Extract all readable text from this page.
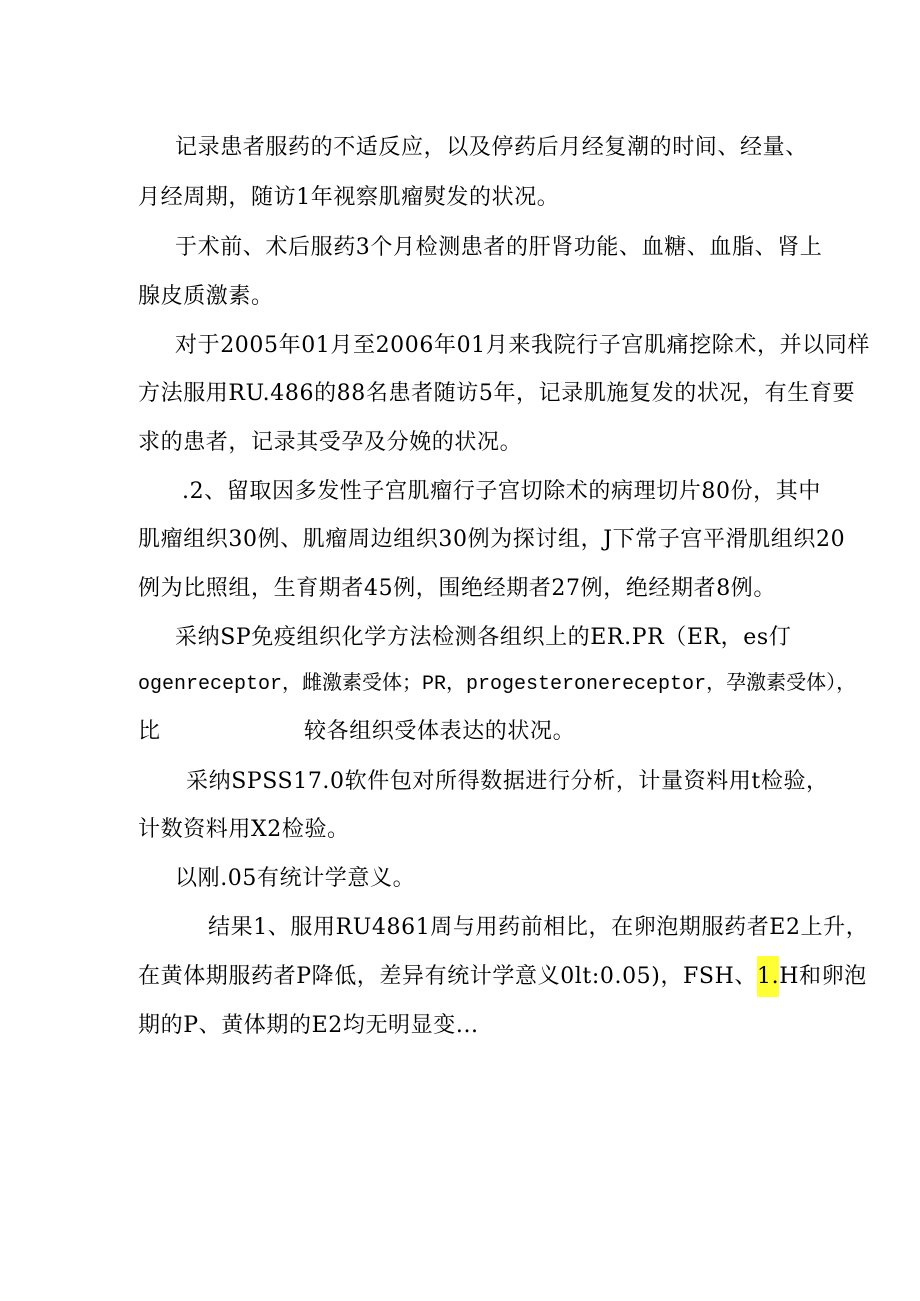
记录患者服药的不适反应，以及停药后月经复潮的时间、经量、
月经周期，随访1年视察肌瘤熨发的状况。
于术前、术后服药3个月检测患者的肝肾功能、血糖、血脂、肾上
腺皮质激素。
对于2005年01月至2006年01月来我院行子宫肌痛挖除术，并以同样
方法服用RU.486的88名患者随访5年，记录肌施复发的状况，有生育要
求的患者，记录其受孕及分娩的状况。
.2、留取因多发性子宫肌瘤行子宫切除术的病理切片80份，其中
肌瘤组织30例、肌瘤周边组织30例为探讨组，J下常子宫平滑肌组织20
例为比照组，生育期者45例，围绝经期者27例，绝经期者8例。
采纳SP免疫组织化学方法检测各组织上的ER.PR（ER，es仃
ogenreceptor，雌激素受体；PR，progesteronereceptor，孕激素受体），
比	较各组织受体表达的状况。
采纳SPSS17.0软件包对所得数据进行分析，计量资料用t检验，
计数资料用X2检验。
以刚.05有统计学意义。
结果1、服用RU4861周与用药前相比，在卵泡期服药者E2上升，
在黄体期服药者P降低，差异有统计学意义0lt:0.05)，FSH、1.H和卵泡
期的P、黄体期的E2均无明显变...
